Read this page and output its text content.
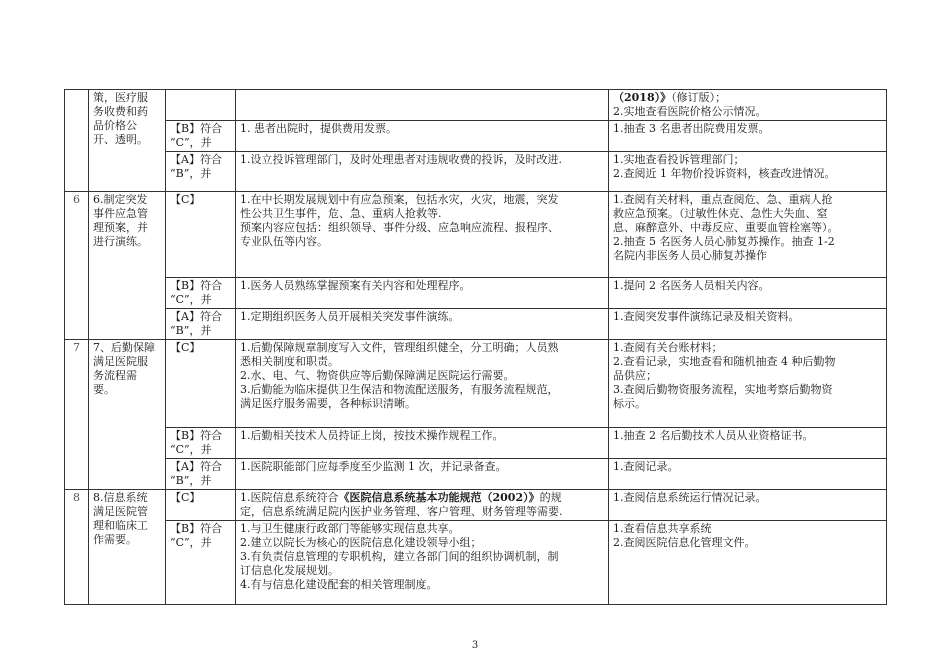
	策，医疗服
务收费和药
品价格公
开、透明。			（2018）》（修订版）；
2.实地查看医院价格公示情况。

		【B】符合
“C”，并	1. 患者出院时，提供费用发票。	1.抽查 3 名患者出院费用发票。

		【A】符合
“B”，并	1.设立投诉管理部门，及时处理患者对违规收费的投诉，及时改进.	1.实地查看投诉管理部门；
2.查阅近 1 年物价投诉资料，核查改进情况。

6	6.制定突发
事件应急管
理预案，并
进行演练。	【C】	1.在中长期发展规划中有应急预案，包括水灾，火灾，地震，突发
性公共卫生事件，危、急、重病人抢救等.
预案内容应包括：组织领导、事件分级、应急响应流程、报程序、
专业队伍等内容。	1.查阅有关材料，重点查阅危、急、重病人抢
救应急预案。（过敏性休克、急性大失血、窒
息、麻醉意外、中毒反应、重要血管栓塞等）。
2.抽查 5 名医务人员心肺复苏操作。抽查 1-2
名院内非医务人员心肺复苏操作

		【B】符合
“C”，并	1.医务人员熟练掌握预案有关内容和处理程序。	1.提问 2 名医务人员相关内容。

		【A】符合
“B”，并	1.定期组织医务人员开展相关突发事件演练。	1.查阅突发事件演练记录及相关资料。

7	7、后勤保障
满足医院服
务流程需
要。	【C】	1.后勤保障规章制度写入文件，管理组织健全，分工明确；人员熟
悉相关制度和职责。
2.水、电、气、物资供应等后勤保障满足医院运行需要。
3.后勤能为临床提供卫生保洁和物流配送服务，有服务流程规范，
满足医疗服务需要，各种标识清晰。	1.查阅有关台账材料；
2.查看记录，实地查看和随机抽查 4 种后勤物
品供应；
3.查阅后勤物资服务流程，实地考察后勤物资
标示。

		【B】符合
“C”，并	1.后勤相关技术人员持证上岗，按技术操作规程工作。	1.抽查 2 名后勤技术人员从业资格证书。

		【A】符合
“B”，并	1.医院职能部门应每季度至少监测 1 次，并记录备查。	1.查阅记录。

8	8.信息系统
满足医院管
理和临床工
作需要。	【C】	1.医院信息系统符合《医院信息系统基本功能规范（2002）》的规
定，信息系统满足院内医护业务管理、客户管理、财务管理等需要.	1.查阅信息系统运行情况记录。

		【B】符合
“C”，并	1.与卫生健康行政部门等能够实现信息共享。
2.建立以院长为核心的医院信息化建设领导小组；
3.有负责信息管理的专职机构，建立各部门间的组织协调机制，制
订信息化发展规划。
4.有与信息化建设配套的相关管理制度。	1.查看信息共享系统
2.查阅医院信息化管理文件。
3
